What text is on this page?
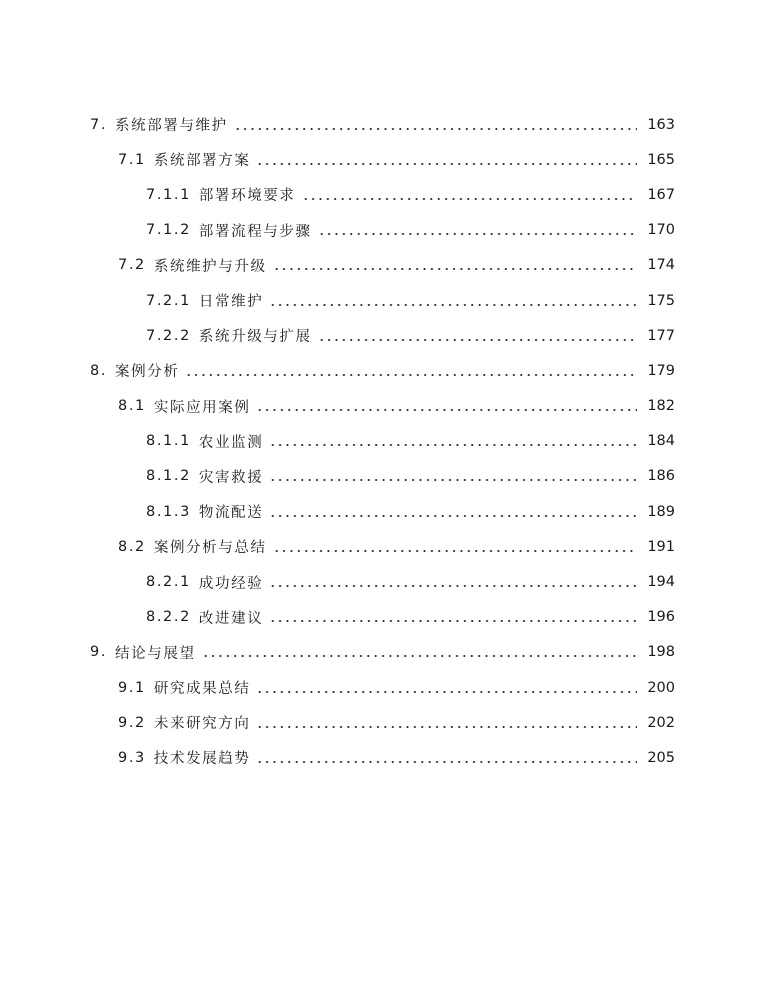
7. 系统部署与维护	163
7.1 系统部署方案	165
7.1.1 部署环境要求	167
7.1.2 部署流程与步骤	170
7.2 系统维护与升级	174
7.2.1 日常维护	175
7.2.2 系统升级与扩展	177
8. 案例分析	179
8.1 实际应用案例	182
8.1.1 农业监测	184
8.1.2 灾害救援	186
8.1.3 物流配送	189
8.2 案例分析与总结	191
8.2.1 成功经验	194
8.2.2 改进建议	196
9. 结论与展望	198
9.1 研究成果总结	200
9.2 未来研究方向	202
9.3 技术发展趋势	205
